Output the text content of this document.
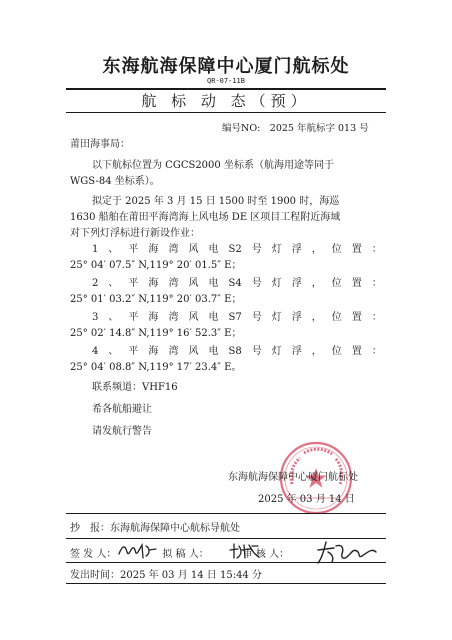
东海航海保障中心厦门航标处
QR-07-11B
航 标 动 态（预）
编号NO:　2025 年航标字 013 号
莆田海事局：
以下航标位置为 CGCS2000 坐标系（航海用途等同于
WGS-84 坐标系）。
拟定于 2025 年 3 月 15 日 1500 时至 1900 时，海巡
1630 船舶在莆田平海湾海上风电场 DE 区项目工程附近海域
对下列灯浮标进行新设作业：
1 、 平 海 湾 风 电 S2 号 灯 浮 ， 位 置 ：
25° 04′ 07.5″ N,119° 20′ 01.5″ E；
2 、 平 海 湾 风 电 S4 号 灯 浮 ， 位 置 ：
25° 01′ 03.2″ N,119° 20′ 03.7″ E；
3 、 平 海 湾 风 电 S7 号 灯 浮 ， 位 置 ：
25° 02′ 14.8″ N,119° 16′ 52.3″ E；
4 、 平 海 湾 风 电 S8 号 灯 浮 ， 位 置 ：
25° 04′ 08.8″ N,119° 17′ 23.4″ E。
联系频道：VHF16
希各航船避让
请发航行警告
东海航海保障中心厦门航标处
2025 年 03 月 14 日
抄　报：东海航海保障中心航标导航处
签 发 人：	拟 稿 人：	审 核 人：
发出时间：2025 年 03 月 14 日 15:44 分
